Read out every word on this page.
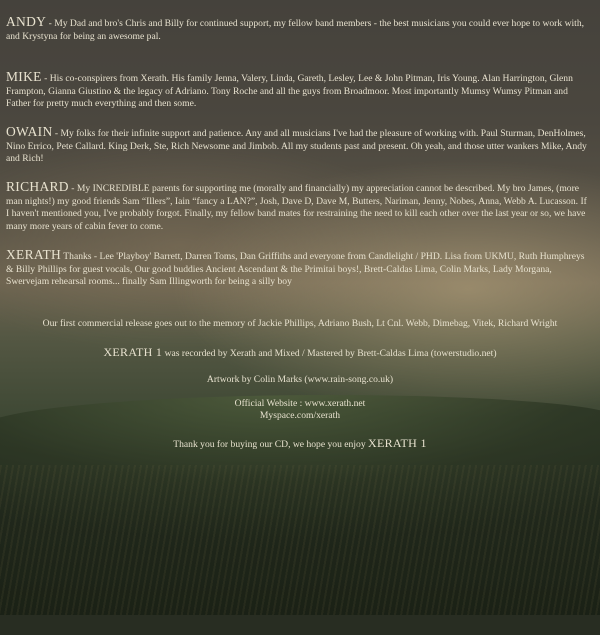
ANDY - My Dad and bro's Chris and Billy for continued support, my fellow band members - the best musicians you could ever hope to work with, and Krystyna for being an awesome pal.

MIKE - His co-conspirers from Xerath. His family Jenna, Valery, Linda, Gareth, Lesley, Lee & John Pitman, Iris Young. Alan Harrington, Glenn Frampton, Gianna Giustino & the legacy of Adriano. Tony Roche and all the guys from Broadmoor. Most importantly Mumsy Wumsy Pitman and Father for pretty much everything and then some.

OWAIN - My folks for their infinite support and patience. Any and all musicians I've had the pleasure of working with. Paul Sturman, DenHolmes, Nino Errico, Pete Callard. King Derk, Ste, Rich Newsome and Jimbob. All my students past and present. Oh yeah, and those utter wankers Mike, Andy and Rich!

RICHARD - My INCREDIBLE parents for supporting me (morally and financially) my appreciation cannot be described. My bro James, (more man nights!) my good friends Sam “Illers”, Iain “fancy a LAN?”, Josh, Dave D, Dave M, Butters, Nariman, Jenny, Nobes, Anna, Webb A. Lucasson. If I haven't mentioned you, I've probably forgot. Finally, my fellow band mates for restraining the need to kill each other over the last year or so, we have many more years of cabin fever to come.

XERATH Thanks - Lee 'Playboy' Barrett, Darren Toms, Dan Griffiths and everyone from Candlelight / PHD. Lisa from UKMU, Ruth Humphreys & Billy Phillips for guest vocals, Our good buddies Ancient Ascendant & the Primitai boys!, Brett-Caldas Lima, Colin Marks, Lady Morgana, Swervejam rehearsal rooms... finally Sam Illingworth for being a silly boy

Our first commercial release goes out to the memory of Jackie Phillips, Adriano Bush, Lt Cnl. Webb, Dimebag, Vitek, Richard Wright

XERATH 1 was recorded by Xerath and Mixed / Mastered by Brett-Caldas Lima (towerstudio.net)

Artwork by Colin Marks (www.rain-song.co.uk)

Official Website : www.xerath.net

Myspace.com/xerath

Thank you for buying our CD, we hope you enjoy XERATH 1
